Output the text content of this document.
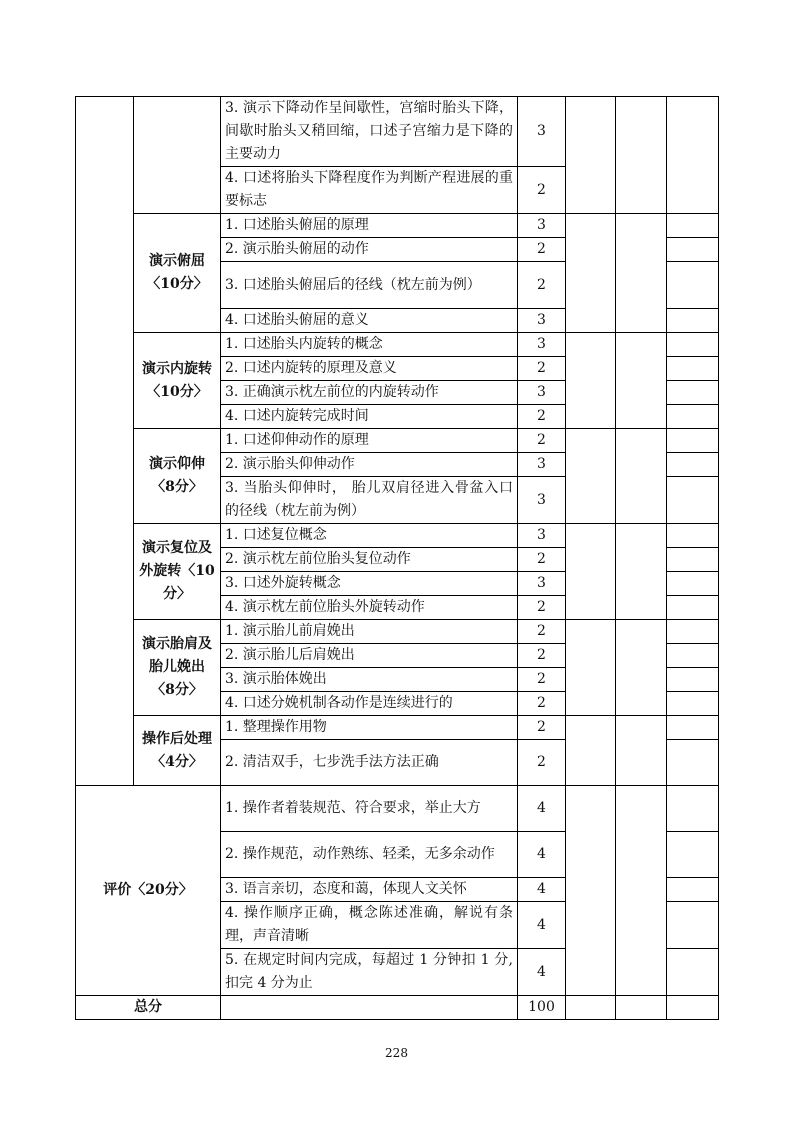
		3. 演示下降动作呈间歇性，宫缩时胎头下降，间歇时胎头又稍回缩，口述子宫缩力是下降的主要动力	3			
		4. 口述将胎头下降程度作为判断产程进展的重要标志	2			
	演示俯屈〈10分〉	1. 口述胎头俯屈的原理	3			
		2. 演示胎头俯屈的动作	2			
		3. 口述胎头俯屈后的径线（枕左前为例）	2			
		4. 口述胎头俯屈的意义	3			
	演示内旋转〈10分〉	1. 口述胎头内旋转的概念	3			
		2. 口述内旋转的原理及意义	2			
		3. 正确演示枕左前位的内旋转动作	3			
		4. 口述内旋转完成时间	2			
	演示仰伸〈8分〉	1. 口述仰伸动作的原理	2			
		2. 演示胎头仰伸动作	3			
		3. 当胎头仰伸时， 胎儿双肩径进入骨盆入口的径线（枕左前为例）	3			
	演示复位及外旋转〈10分〉	1. 口述复位概念	3			
		2. 演示枕左前位胎头复位动作	2			
		3. 口述外旋转概念	3			
		4. 演示枕左前位胎头外旋转动作	2			
	演示胎肩及胎儿娩出〈8分〉	1. 演示胎儿前肩娩出	2			
		2. 演示胎儿后肩娩出	2			
		3. 演示胎体娩出	2			
		4. 口述分娩机制各动作是连续进行的	2			
	操作后处理〈4分〉	1. 整理操作用物	2			
		2. 清洁双手，七步洗手法方法正确	2			
评价〈20分〉		1. 操作者着装规范、符合要求，举止大方	4			
		2. 操作规范，动作熟练、轻柔，无多余动作	4			
		3. 语言亲切，态度和蔼，体现人文关怀	4			
		4. 操作顺序正确，概念陈述准确，解说有条理，声音清晰	4			
		5. 在规定时间内完成，每超过 1 分钟扣 1 分, 扣完 4 分为止	4			
总分			100			
228
